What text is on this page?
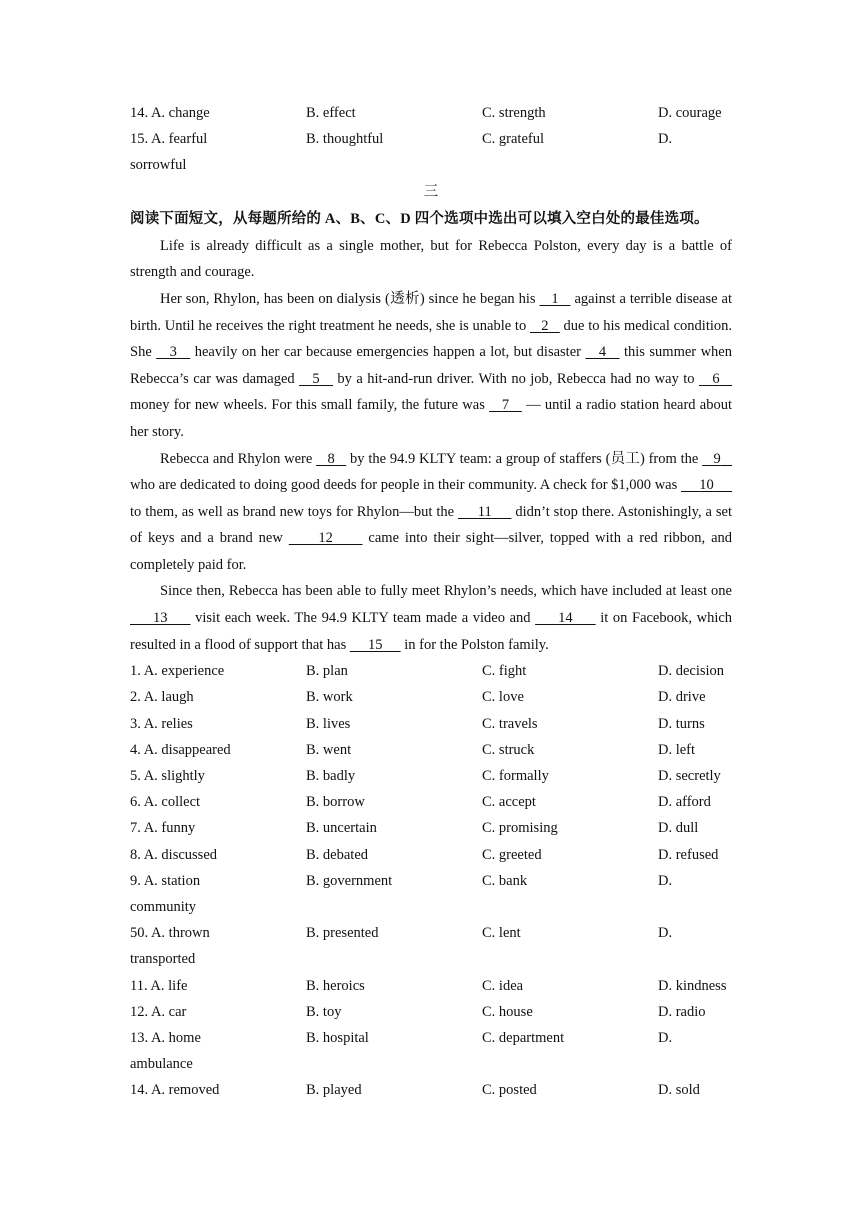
14. A. change	B. effect	C. strength	D. courage
15. A. fearful	B. thoughtful	C. grateful	D.
sorrowful
三
阅读下面短文，从每题所给的 A、B、C、D 四个选项中选出可以填入空白处的最佳选项。

Life is already difficult as a single mother, but for Rebecca Polston, every day is a battle of strength and courage.

Her son, Rhylon, has been on dialysis (透析) since he began his 1 against a terrible disease at birth. Until he receives the right treatment he needs, she is unable to 2 due to his medical condition. She 3 heavily on her car because emergencies happen a lot, but disaster 4 this summer when Rebecca’s car was damaged 5 by a hit-and-run driver. With no job, Rebecca had no way to 6 money for new wheels. For this small family, the future was 7 — until a radio station heard about her story.

Rebecca and Rhylon were 8 by the 94.9 KLTY team: a group of staffers (员工) from the 9 who are dedicated to doing good deeds for people in their community. A check for $1,000 was 10 to them, as well as brand new toys for Rhylon—but the 11 didn’t stop there. Astonishingly, a set of keys and a brand new 12 came into their sight—silver, topped with a red ribbon, and completely paid for.

Since then, Rebecca has been able to fully meet Rhylon’s needs, which have included at least one 13 visit each week. The 94.9 KLTY team made a video and 14 it on Facebook, which resulted in a flood of support that has 15 in for the Polston family.

1. A. experience	B. plan	C. fight	D. decision
2. A. laugh	B. work	C. love	D. drive
3. A. relies	B. lives	C. travels	D. turns
4. A. disappeared	B. went	C. struck	D. left
5. A. slightly	B. badly	C. formally	D. secretly
6. A. collect	B. borrow	C. accept	D. afford
7. A. funny	B. uncertain	C. promising	D. dull
8. A. discussed	B. debated	C. greeted	D. refused
9. A. station	B. government	C. bank	D.
community
50. A. thrown	B. presented	C. lent	D.
transported
11. A. life	B. heroics	C. idea	D. kindness
12. A. car	B. toy	C. house	D. radio
13. A. home	B. hospital	C. department	D.
ambulance
14. A. removed	B. played	C. posted	D. sold
